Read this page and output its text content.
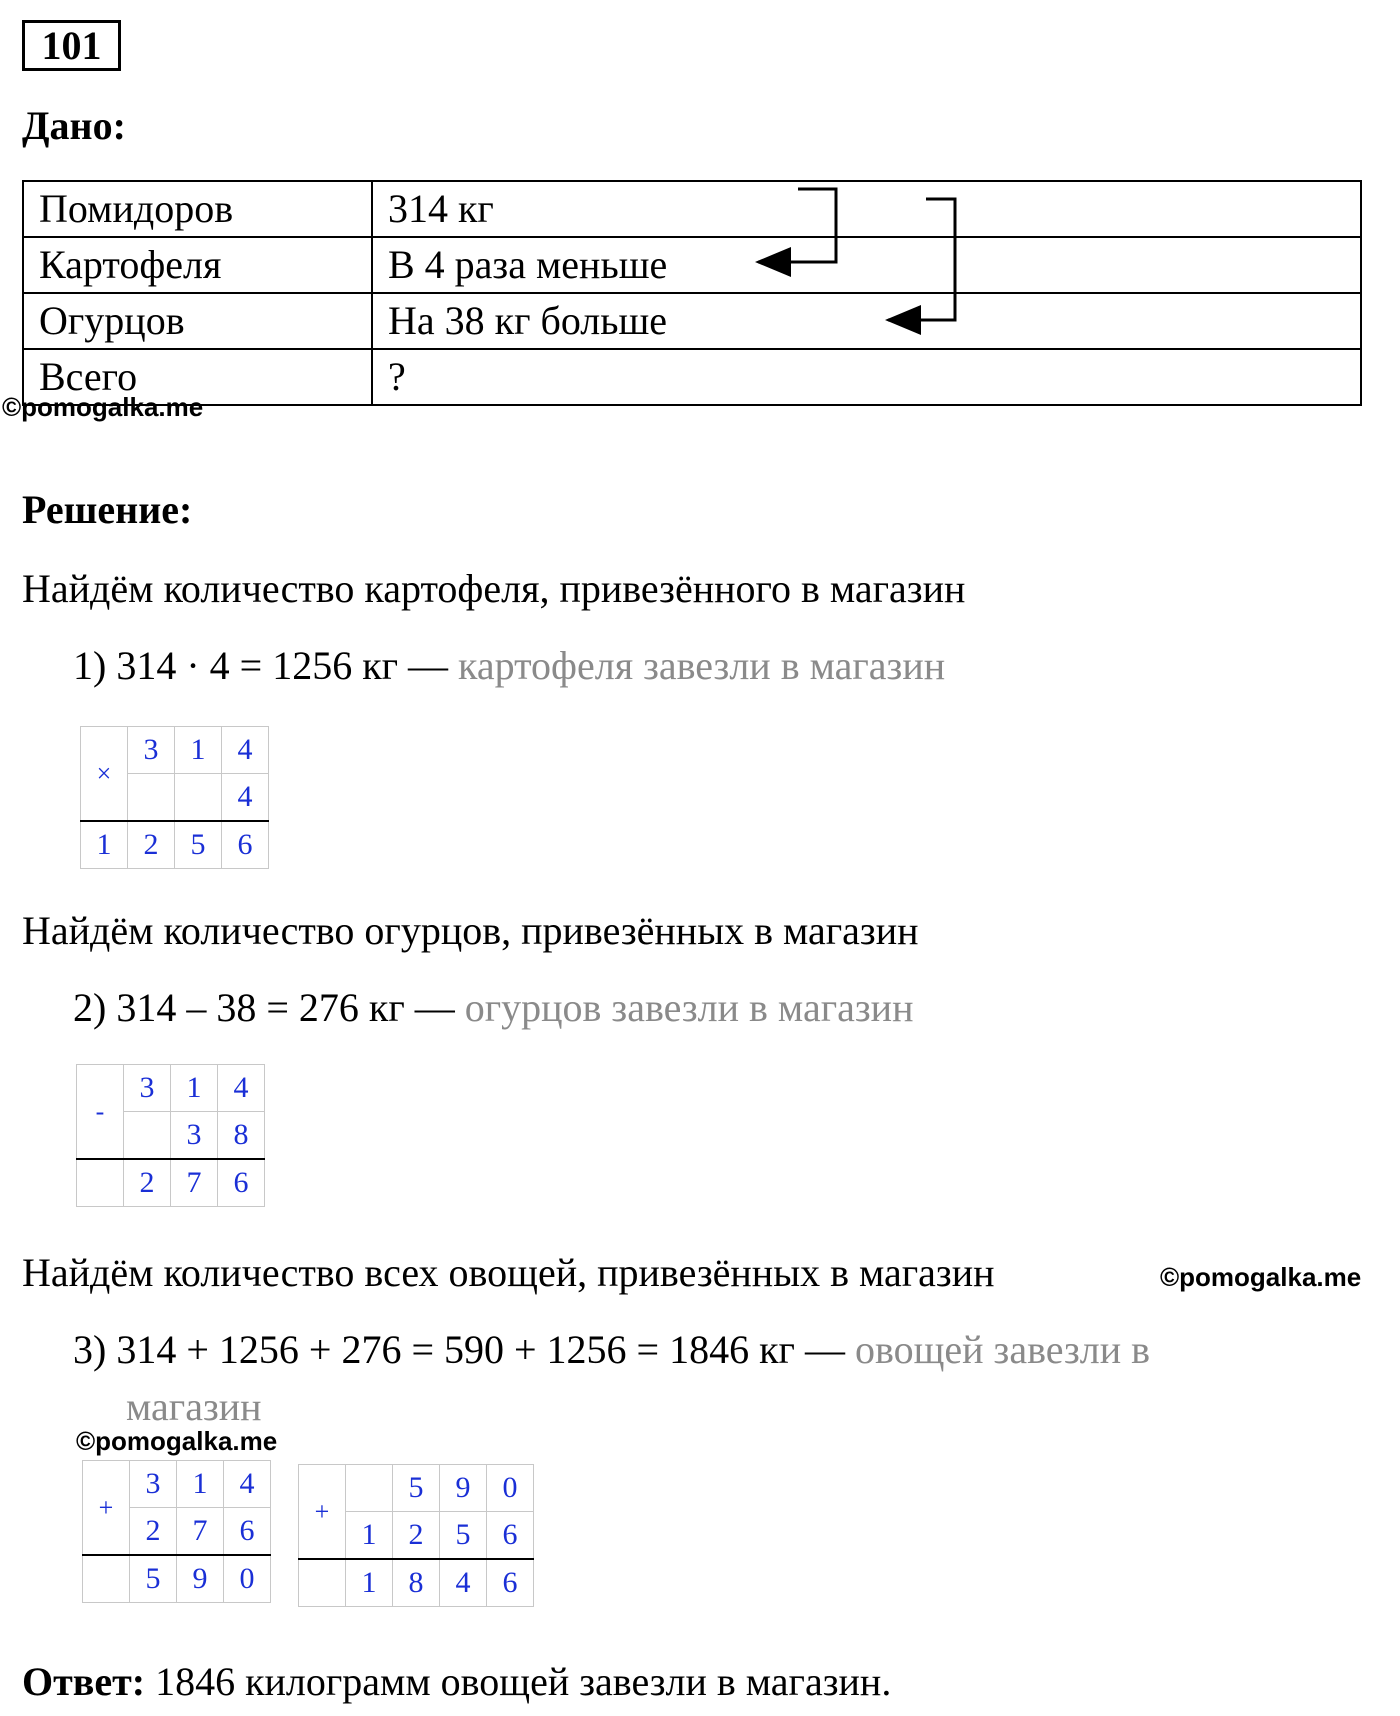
101
Дано:
Помидоров	314 кг
Картофеля	В 4 раза меньше
Огурцов	На 38 кг больше
Всего	?
©pomogalka.me
Решение:
Найдём количество картофеля, привезённого в магазин
1) 314 · 4 = 1256 кг — картофеля завезли в магазин
×	3	1	4
			4
1	2	5	6
Найдём количество огурцов, привезённых в магазин
2) 314 – 38 = 276 кг — огурцов завезли в магазин
-	3	1	4
		3	8
	2	7	6
Найдём количество всех овощей, привезённых в магазин	©pomogalka.me
3) 314 + 1256 + 276 = 590 + 1256 = 1846 кг — овощей завезли в
магазин
©pomogalka.me
+	3	1	4
	2	7	6
	5	9	0
+		5	9	0
	1	2	5	6
	1	8	4	6
Ответ: 1846 килограмм овощей завезли в магазин.
